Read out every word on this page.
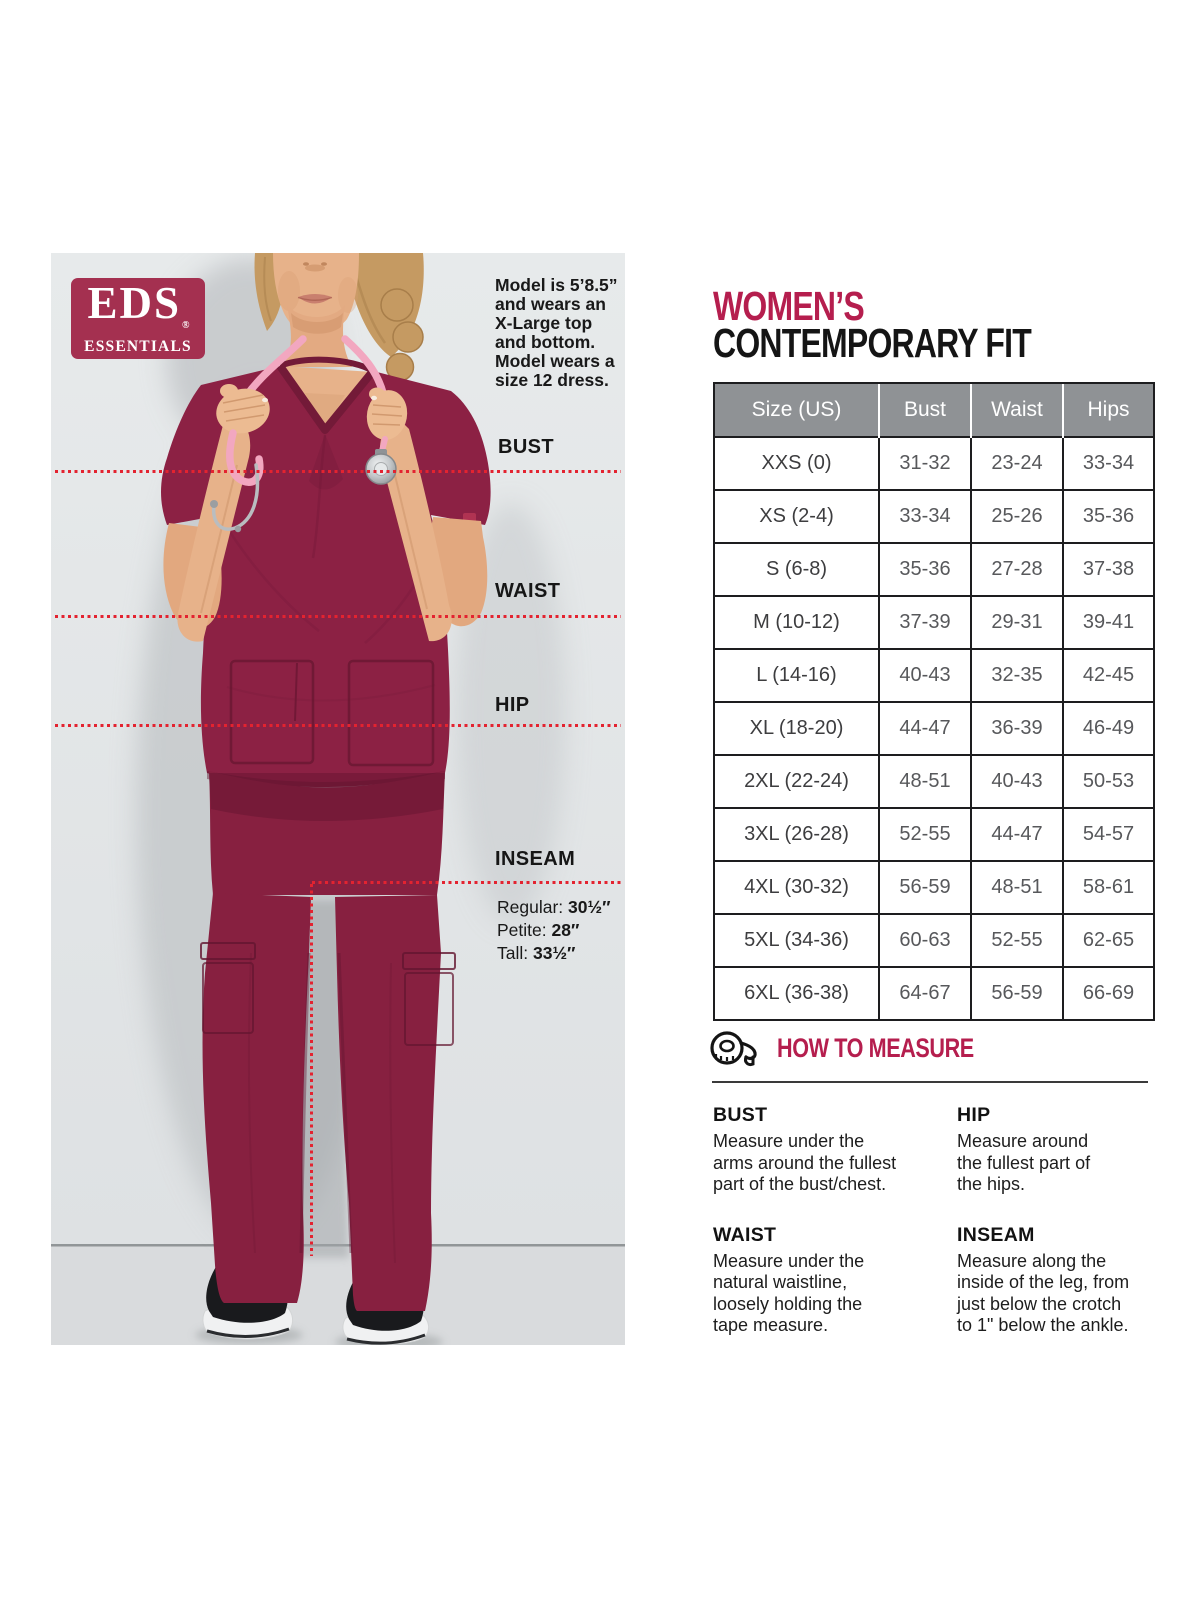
$EDS_®$
ESSENTIALS
Model is 5’8.5”
and wears an
X-Large top
and bottom.
Model wears a
size 12 dress.
BUST
WAIST
HIP
INSEAM
Regular: 30½″
Petite: 28″
Tall: 33½″
WOMEN’S
CONTEMPORARY FIT
Size (US)	Bust	Waist	Hips
XXS (0)	31-32	23-24	33-34
XS (2-4)	33-34	25-26	35-36
S (6-8)	35-36	27-28	37-38
M (10-12)	37-39	29-31	39-41
L (14-16)	40-43	32-35	42-45
XL (18-20)	44-47	36-39	46-49
2XL (22-24)	48-51	40-43	50-53
3XL (26-28)	52-55	44-47	54-57
4XL (30-32)	56-59	48-51	58-61
5XL (34-36)	60-63	52-55	62-65
6XL (36-38)	64-67	56-59	66-69
HOW TO MEASURE
BUST
Measure under the
arms around the fullest
part of the bust/chest.
WAIST
Measure under the
natural waistline,
loosely holding the
tape measure.
HIP
Measure around
the fullest part of
the hips.
INSEAM
Measure along the
inside of the leg, from
just below the crotch
to 1" below the ankle.
